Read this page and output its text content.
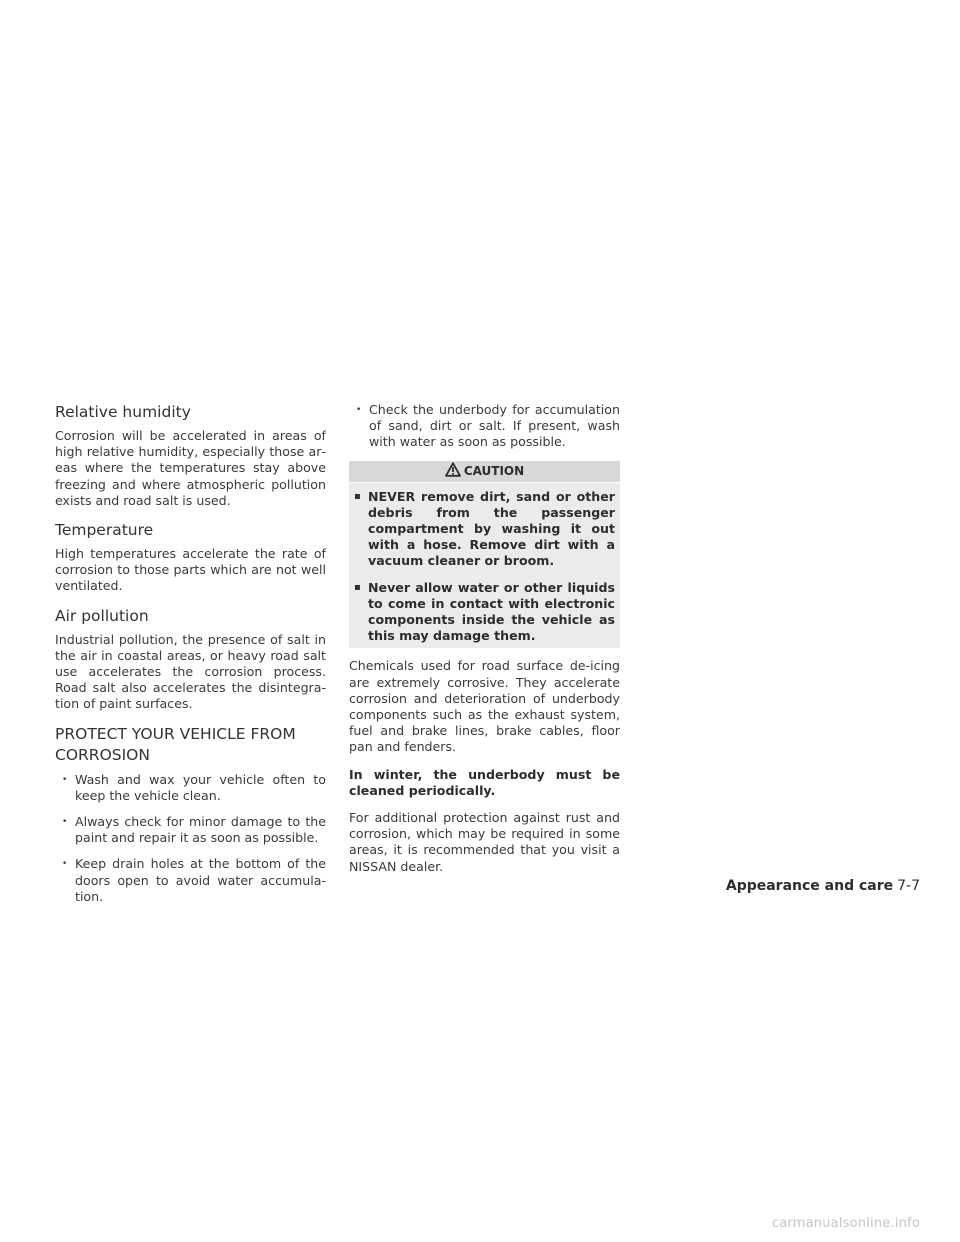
Relative humidity

Corrosion will be accelerated in areas of high relative humidity, especially those areas where the temperatures stay above freezing and where atmospheric pollution exists and road salt is used.

Temperature

High temperatures accelerate the rate of corrosion to those parts which are not well ventilated.

Air pollution

Industrial pollution, the presence of salt in the air in coastal areas, or heavy road salt use accelerates the corrosion process. Road salt also accelerates the disintegration of paint surfaces.

PROTECT YOUR VEHICLE FROM
CORROSION
• Wash and wax your vehicle often to keep the vehicle clean.
• Always check for minor damage to the paint and repair it as soon as possible.
• Keep drain holes at the bottom of the doors open to avoid water accumulation.
• Check the underbody for accumulation of sand, dirt or salt. If present, wash with water as soon as possible.
CAUTION
▪ NEVER remove dirt, sand or other debris from the passenger compartment by washing it out with a hose. Remove dirt with a vacuum cleaner or broom.
▪ Never allow water or other liquids to come in contact with electronic components inside the vehicle as this may damage them.

Chemicals used for road surface de-icing are extremely corrosive. They accelerate corrosion and deterioration of underbody components such as the exhaust system, fuel and brake lines, brake cables, floor pan and fenders.

In winter, the underbody must be cleaned periodically.

For additional protection against rust and corrosion, which may be required in some areas, it is recommended that you visit a NISSAN dealer.

Appearance and care 7-7
carmanualsonline.info
